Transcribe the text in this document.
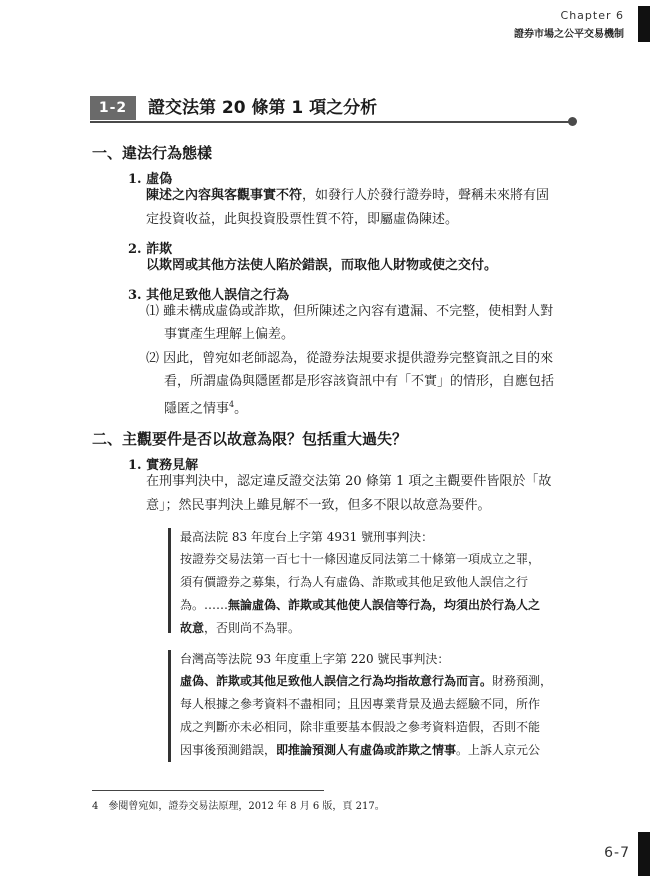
Chapter 6
證券市場之公平交易機制
1-2	證交法第 20 條第 1 項之分析
一、違法行為態樣
1. 虛偽
陳述之內容與客觀事實不符，如發行人於發行證券時，聲稱未來將有固
定投資收益，此與投資股票性質不符，即屬虛偽陳述。
2. 詐欺
以欺罔或其他方法使人陷於錯誤，而取他人財物或使之交付。
3. 其他足致他人誤信之行為
⑴ 雖未構成虛偽或詐欺，但所陳述之內容有遺漏、不完整，使相對人對
事實產生理解上偏差。
⑵ 因此，曾宛如老師認為，從證券法規要求提供證券完整資訊之目的來
看，所謂虛偽與隱匿都是形容該資訊中有「不實」的情形，自應包括
隱匿之情事$^4$。
二、主觀要件是否以故意為限？包括重大過失？
1. 實務見解
在刑事判決中，認定違反證交法第 20 條第 1 項之主觀要件皆限於「故
意」；然民事判決上雖見解不一致，但多不限以故意為要件。
最高法院 83 年度台上字第 4931 號刑事判決：
按證券交易法第一百七十一條因違反同法第二十條第一項成立之罪，
須有價證券之募集，行為人有虛偽、詐欺或其他足致他人誤信之行
為。……無論虛偽、詐欺或其他使人誤信等行為，均須出於行為人之
故意，否則尚不為罪。
台灣高等法院 93 年度重上字第 220 號民事判決：
虛偽、詐欺或其他足致他人誤信之行為均指故意行為而言。財務預測，
每人根據之參考資料不盡相同；且因專業背景及過去經驗不同，所作
成之判斷亦未必相同，除非重要基本假設之參考資料造假，否則不能
因事後預測錯誤，即推論預測人有虛偽或詐欺之情事。上訴人京元公
4　參閱曾宛如，證券交易法原理，2012 年 8 月 6 版，頁 217。
6-7
